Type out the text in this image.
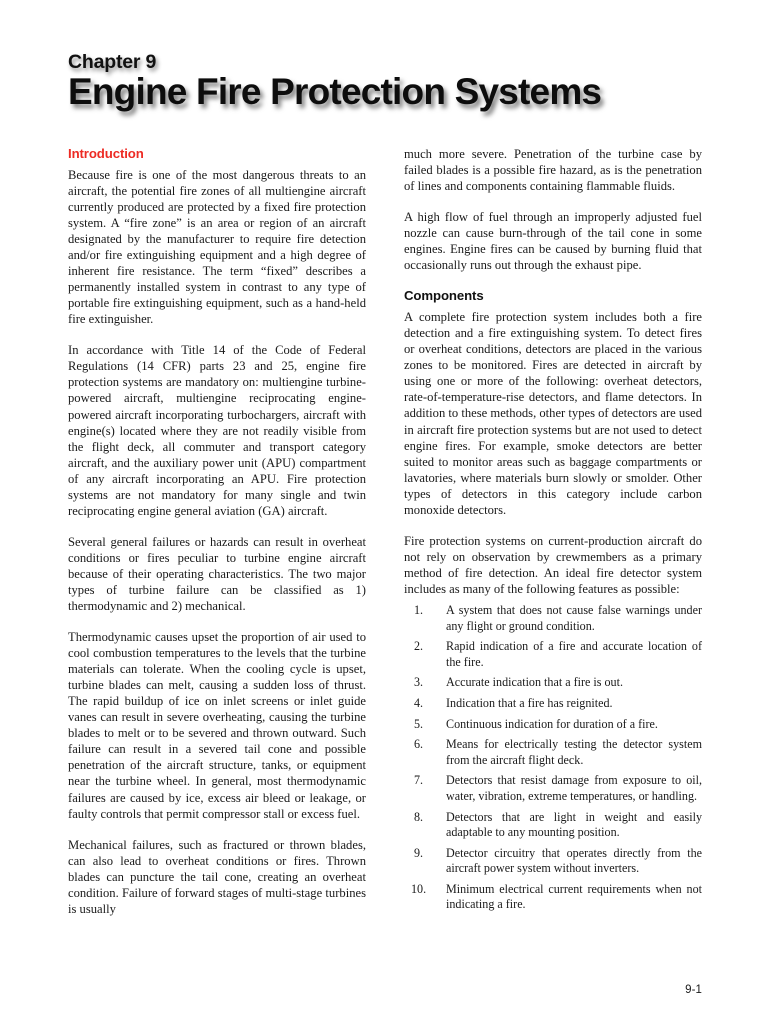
Chapter 9
Engine Fire Protection Systems
Introduction

Because fire is one of the most dangerous threats to an aircraft, the potential fire zones of all multiengine aircraft currently produced are protected by a fixed fire protection system. A “fire zone” is an area or region of an aircraft designated by the manufacturer to require fire detection and/or fire extinguishing equipment and a high degree of inherent fire resistance. The term “fixed” describes a permanently installed system in contrast to any type of portable fire extinguishing equipment, such as a hand-held fire extinguisher.

In accordance with Title 14 of the Code of Federal Regulations (14 CFR) parts 23 and 25, engine fire protection systems are mandatory on: multiengine turbine-powered aircraft, multiengine reciprocating engine-powered aircraft incorporating turbochargers, aircraft with engine(s) located where they are not readily visible from the flight deck, all commuter and transport category aircraft, and the auxiliary power unit (APU) compartment of any aircraft incorporating an APU. Fire protection systems are not mandatory for many single and twin reciprocating engine general aviation (GA) aircraft.

Several general failures or hazards can result in overheat conditions or fires peculiar to turbine engine aircraft because of their operating characteristics. The two major types of turbine failure can be classified as 1) thermodynamic and 2) mechanical.

Thermodynamic causes upset the proportion of air used to cool combustion temperatures to the levels that the turbine materials can tolerate. When the cooling cycle is upset, turbine blades can melt, causing a sudden loss of thrust. The rapid buildup of ice on inlet screens or inlet guide vanes can result in severe overheating, causing the turbine blades to melt or to be severed and thrown outward. Such failure can result in a severed tail cone and possible penetration of the aircraft structure, tanks, or equipment near the turbine wheel. In general, most thermodynamic failures are caused by ice, excess air bleed or leakage, or faulty controls that permit compressor stall or excess fuel.

Mechanical failures, such as fractured or thrown blades, can also lead to overheat conditions or fires. Thrown blades can puncture the tail cone, creating an overheat condition. Failure of forward stages of multi-stage turbines is usually

much more severe. Penetration of the turbine case by failed blades is a possible fire hazard, as is the penetration of lines and components containing flammable fluids.

A high flow of fuel through an improperly adjusted fuel nozzle can cause burn-through of the tail cone in some engines. Engine fires can be caused by burning fluid that occasionally runs out through the exhaust pipe.

Components

A complete fire protection system includes both a fire detection and a fire extinguishing system. To detect fires or overheat conditions, detectors are placed in the various zones to be monitored. Fires are detected in aircraft by using one or more of the following: overheat detectors, rate-of-temperature-rise detectors, and flame detectors. In addition to these methods, other types of detectors are used in aircraft fire protection systems but are not used to detect engine fires. For example, smoke detectors are better suited to monitor areas such as baggage compartments or lavatories, where materials burn slowly or smolder. Other types of detectors in this category include carbon monoxide detectors.

Fire protection systems on current-production aircraft do not rely on observation by crewmembers as a primary method of fire detection. An ideal fire detector system includes as many of the following features as possible:

A system that does not cause false warnings under any flight or ground condition.
Rapid indication of a fire and accurate location of the fire.
Accurate indication that a fire is out.
Indication that a fire has reignited.
Continuous indication for duration of a fire.
Means for electrically testing the detector system from the aircraft flight deck.
Detectors that resist damage from exposure to oil, water, vibration, extreme temperatures, or handling.
Detectors that are light in weight and easily adaptable to any mounting position.
Detector circuitry that operates directly from the aircraft power system without inverters.
Minimum electrical current requirements when not indicating a fire.
9-1
